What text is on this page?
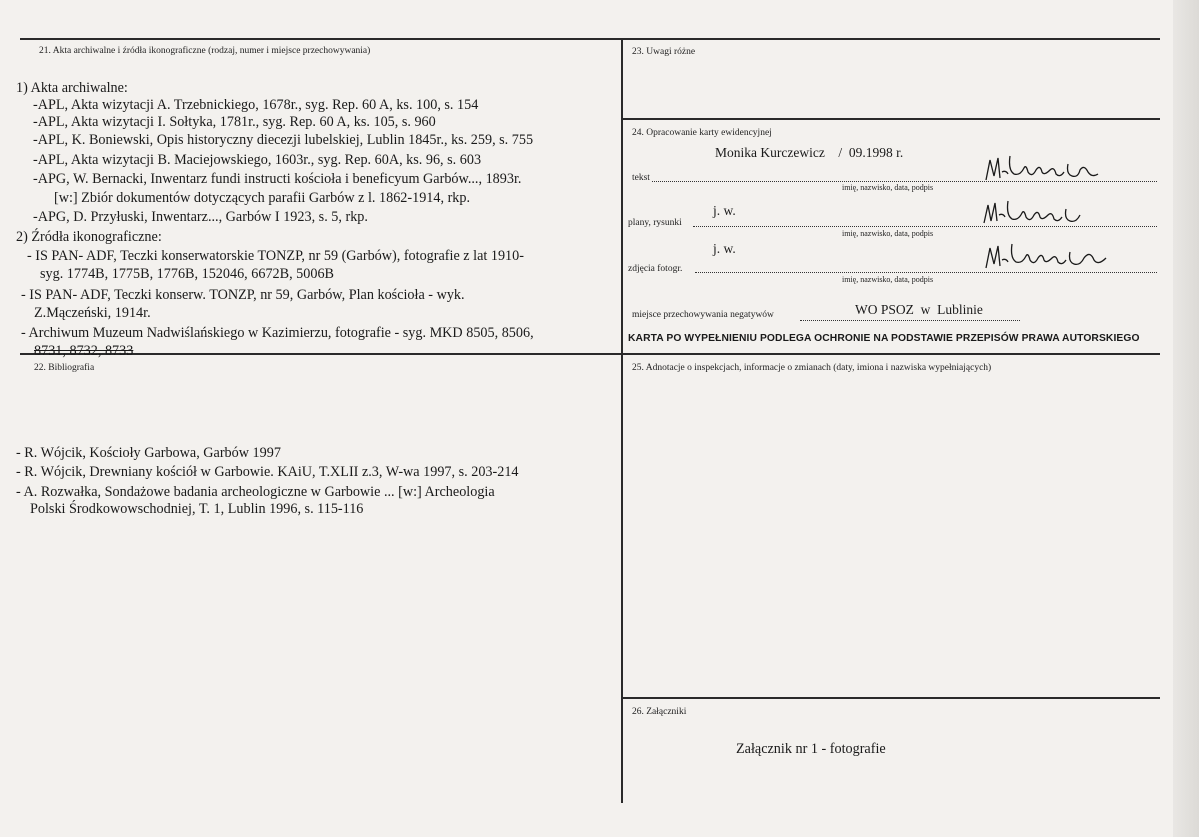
21. Akta archiwalne i źródła ikonograficzne (rodzaj, numer i miejsce przechowywania)
1) Akta archiwalne:
-APL, Akta wizytacji A. Trzebnickiego, 1678r., syg. Rep. 60 A, ks. 100, s. 154
-APL, Akta wizytacji I. Sołtyka, 1781r., syg. Rep. 60 A, ks. 105, s. 960
-APL, K. Boniewski, Opis historyczny diecezji lubelskiej, Lublin 1845r., ks. 259, s. 755
-APL, Akta wizytacji B. Maciejowskiego, 1603r., syg. Rep. 60A, ks. 96, s. 603
-APG, W. Bernacki, Inwentarz fundi instructi kościoła i beneficyum Garbów..., 1893r.
[w:] Zbiór dokumentów dotyczących parafii Garbów z l. 1862-1914, rkp.
-APG, D. Przyłuski, Inwentarz..., Garbów I 1923, s. 5, rkp.
2) Źródła ikonograficzne:
- IS PAN- ADF, Teczki konserwatorskie TONZP, nr 59 (Garbów), fotografie z lat 1910-
syg. 1774B, 1775B, 1776B, 152046, 6672B, 5006B
- IS PAN- ADF, Teczki konserw. TONZP, nr 59, Garbów, Plan kościoła - wyk.
Z.Mączeński, 1914r.
- Archiwum Muzeum Nadwiślańskiego w Kazimierzu, fotografie - syg. MKD 8505, 8506,
8731, 8732, 8733
22. Bibliografia
- R. Wójcik, Kościoły Garbowa, Garbów 1997
- R. Wójcik, Drewniany kościół w Garbowie. KAiU, T.XLII z.3, W-wa 1997, s. 203-214
- A. Rozwałka, Sondażowe badania archeologiczne w Garbowie ... [w:] Archeologia
Polski Środkowowschodniej, T. 1, Lublin 1996, s. 115-116
23. Uwagi różne
24. Opracowanie karty ewidencyjnej
Monika Kurczewicz    /  09.1998 r.
tekst
imię, nazwisko, data, podpis
j. w.
plany, rysunki
imię, nazwisko, data, podpis
j. w.
zdjęcia fotogr.
imię, nazwisko, data, podpis
miejsce przechowywania negatywów	WO PSOZ  w  Lublinie
KARTA PO WYPEŁNIENIU PODLEGA OCHRONIE NA PODSTAWIE PRZEPISÓW PRAWA AUTORSKIEGO
25. Adnotacje o inspekcjach, informacje o zmianach (daty, imiona i nazwiska wypełniających)
26. Załączniki
Załącznik nr 1 - fotografie
